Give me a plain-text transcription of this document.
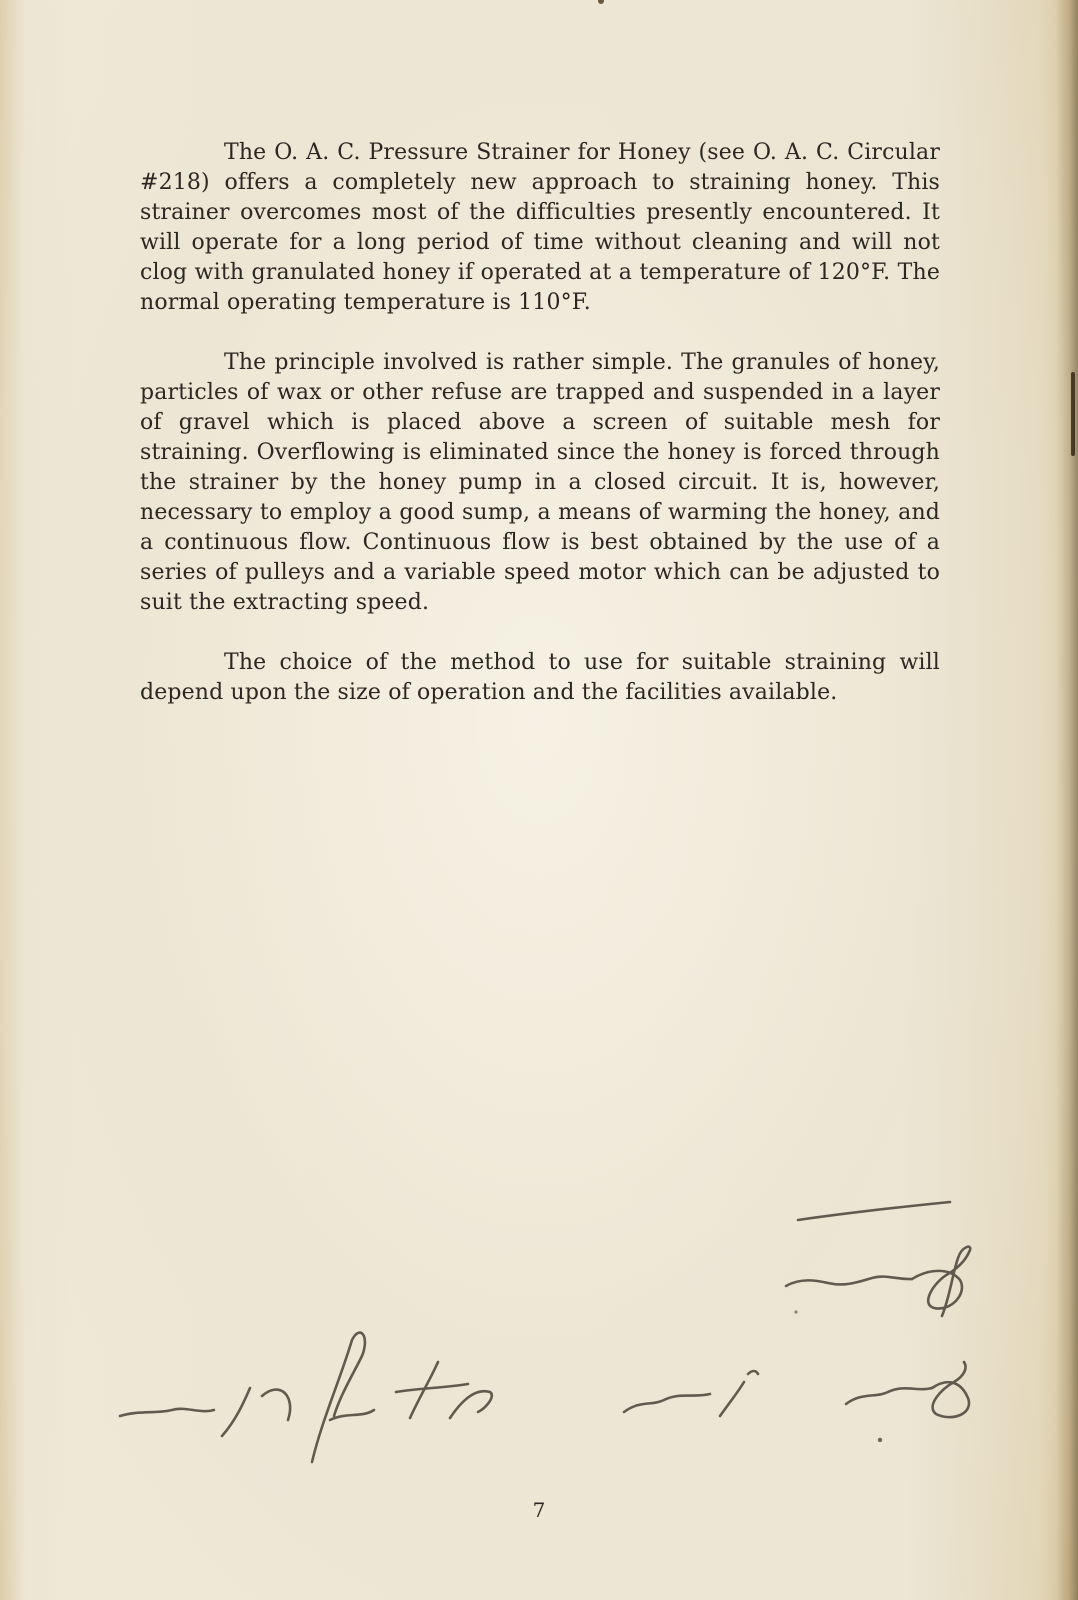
The O. A. C. Pressure Strainer for Honey (see O. A. C. Circular #218) offers a completely new approach to straining honey. This strainer overcomes most of the difficulties presently encountered. It will operate for a long period of time without cleaning and will not clog with granulated honey if operated at a temperature of 120°F. The normal operating temperature is 110°F.

The principle involved is rather simple. The granules of honey, particles of wax or other refuse are trapped and suspended in a layer of gravel which is placed above a screen of suitable mesh for straining. Overflowing is eliminated since the honey is forced through the strainer by the honey pump in a closed circuit. It is, however, necessary to employ a good sump, a means of warming the honey, and a continuous flow. Continuous flow is best obtained by the use of a series of pulleys and a variable speed motor which can be adjusted to suit the extracting speed.

The choice of the method to use for suitable straining will depend upon the size of operation and the facilities available.

7
